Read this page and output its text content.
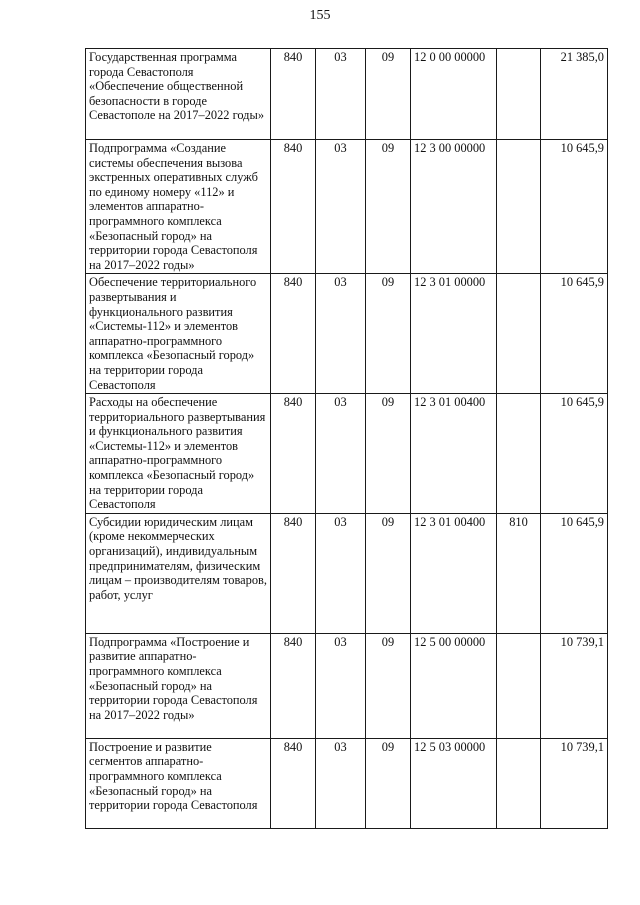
155
Государственная программа города Севастополя «Обеспечение общественной безопасности в городе Севастополе на 2017–2022 годы»	840	03	09	12 0 00 00000		21 385,0
Подпрограмма «Создание системы обеспечения вызова экстренных оперативных служб по единому номеру «112» и элементов аппаратно-программного комплекса «Безопасный город» на территории города Севастополя на 2017–2022 годы»	840	03	09	12 3 00 00000		10 645,9
Обеспечение территориального развертывания и функционального развития «Системы-112» и элементов аппаратно-программного комплекса «Безопасный город» на территории города Севастополя	840	03	09	12 3 01 00000		10 645,9
Расходы на обеспечение территориального развертывания и функционального развития «Системы-112» и элементов аппаратно-программного комплекса «Безопасный город» на территории города Севастополя	840	03	09	12 3 01 00400		10 645,9
Субсидии юридическим лицам (кроме некоммерческих организаций), индивидуальным предпринимателям, физическим лицам – производителям товаров, работ, услуг	840	03	09	12 3 01 00400	810	10 645,9
Подпрограмма «Построение и развитие аппаратно-программного комплекса «Безопасный город» на территории города Севастополя на 2017–2022 годы»	840	03	09	12 5 00 00000		10 739,1
Построение и развитие сегментов аппаратно-программного комплекса «Безопасный город» на территории города Севастополя	840	03	09	12 5 03 00000		10 739,1
